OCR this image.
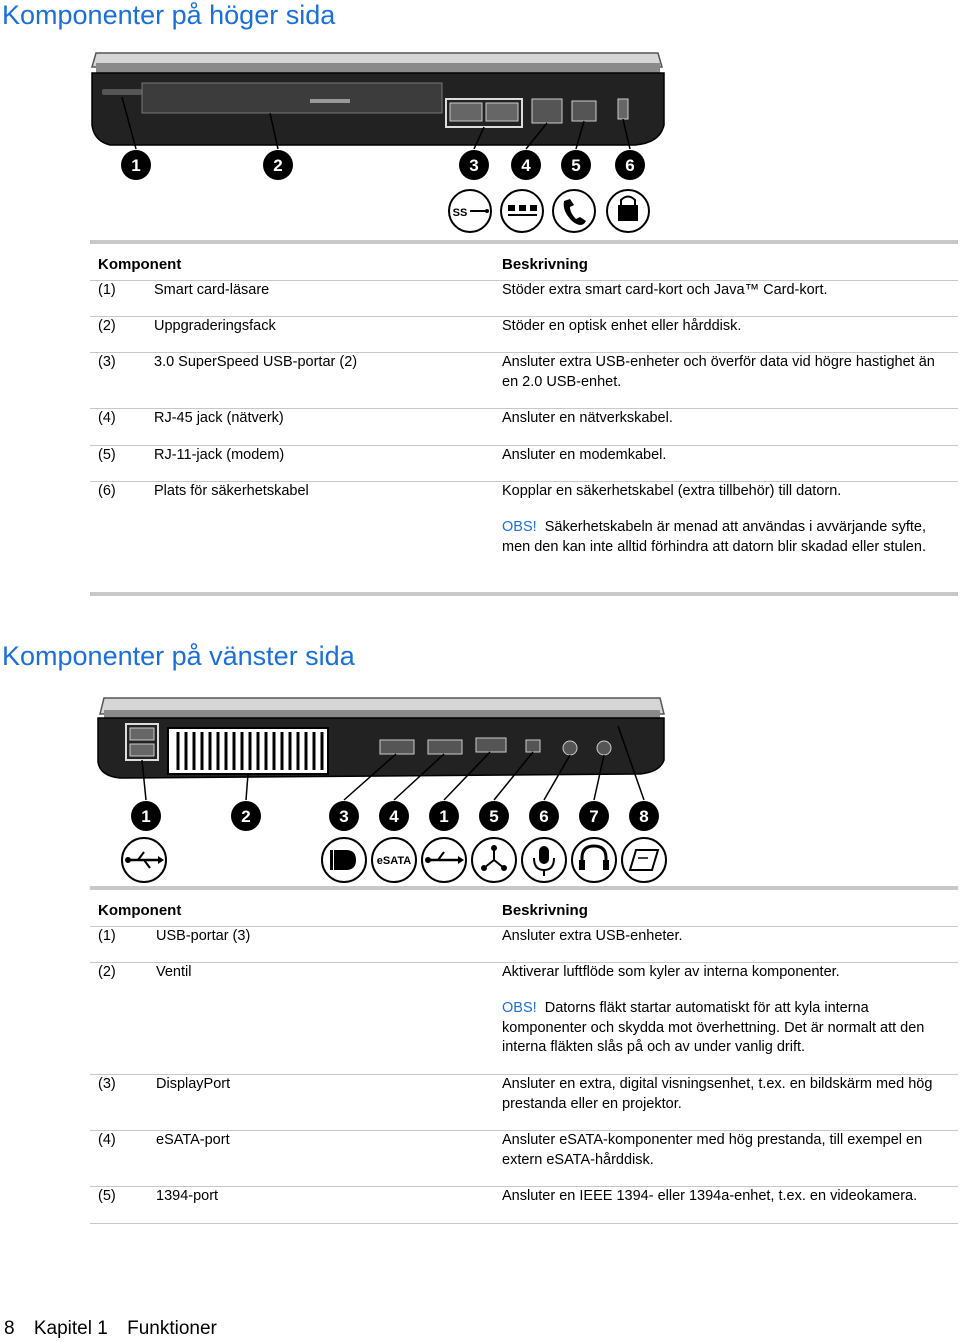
Komponenter på höger sida
1	2	3	4 5	6
SS
Komponent	Beskrivning
(1)	Smart card-läsare	Stöder extra smart card-kort och Java™ Card-kort.
(2)	Uppgraderingsfack	Stöder en optisk enhet eller hårddisk.
(3)	3.0 SuperSpeed USB-portar (2)	Ansluter extra USB-enheter och överför data vid högre hastighet än en 2.0 USB-enhet.
(4)	RJ-45 jack (nätverk)	Ansluter en nätverkskabel.
(5)	RJ-11-jack (modem)	Ansluter en modemkabel.
(6)	Plats för säkerhetskabel	Kopplar en säkerhetskabel (extra tillbehör) till datorn.
OBS! Säkerhetskabeln är menad att användas i avvärjande syfte, men den kan inte alltid förhindra att datorn blir skadad eller stulen.
Komponenter på vänster sida
1	2	3 4 1 5 6 7 8
eSATA
Komponent	Beskrivning
(1)	USB-portar (3)	Ansluter extra USB-enheter.
(2)	Ventil	Aktiverar luftflöde som kyler av interna komponenter.
OBS! Datorns fläkt startar automatiskt för att kyla interna komponenter och skydda mot överhettning. Det är normalt att den interna fläkten slås på och av under vanlig drift.
(3)	DisplayPort	Ansluter en extra, digital visningsenhet, t.ex. en bildskärm med hög prestanda eller en projektor.
(4)	eSATA-port	Ansluter eSATA-komponenter med hög prestanda, till exempel en extern eSATA-hårddisk.
(5)	1394-port	Ansluter en IEEE 1394- eller 1394a-enhet, t.ex. en videokamera.
8 Kapitel 1 Funktioner
